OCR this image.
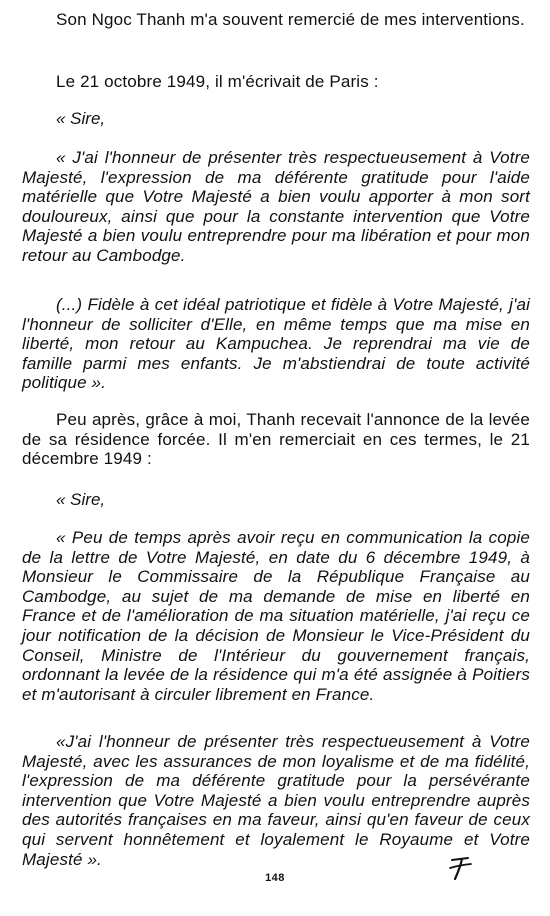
Son Ngoc Thanh m'a souvent remercié de mes interventions.

Le 21 octobre 1949, il m'écrivait de Paris :

« Sire,

« J'ai l'honneur de présenter très respectueusement à Votre Majesté, l'expression de ma déférente gratitude pour l'aide matérielle que Votre Majesté a bien voulu apporter à mon sort douloureux, ainsi que pour la constante intervention que Votre Majesté a bien voulu entreprendre pour ma libération et pour mon retour au Cambodge.

(...) Fidèle à cet idéal patriotique et fidèle à Votre Majesté, j'ai l'honneur de solliciter d'Elle, en même temps que ma mise en liberté, mon retour au Kampuchea. Je reprendrai ma vie de famille parmi mes enfants. Je m'abstiendrai de toute activité politique ».

Peu après, grâce à moi, Thanh recevait l'annonce de la levée de sa résidence forcée. Il m'en remerciait en ces termes, le 21 décembre 1949 :

« Sire,

« Peu de temps après avoir reçu en communication la copie de la lettre de Votre Majesté, en date du 6 décembre 1949, à Monsieur le Commissaire de la République Française au Cambodge, au sujet de ma demande de mise en liberté en France et de l'amélioration de ma situation matérielle, j'ai reçu ce jour notification de la décision de Monsieur le Vice-Président du Conseil, Ministre de l'Intérieur du gouvernement français, ordonnant la levée de la résidence qui m'a été assignée à Poitiers et m'autorisant à circuler librement en France.

«J'ai l'honneur de présenter très respectueusement à Votre Majesté, avec les assurances de mon loyalisme et de ma fidélité, l'expression de ma déférente gratitude pour la persévérante intervention que Votre Majesté a bien voulu entreprendre auprès des autorités françaises en ma faveur, ainsi qu'en faveur de ceux qui servent honnêtement et loyalement le Royaume et Votre Majesté ».

148
